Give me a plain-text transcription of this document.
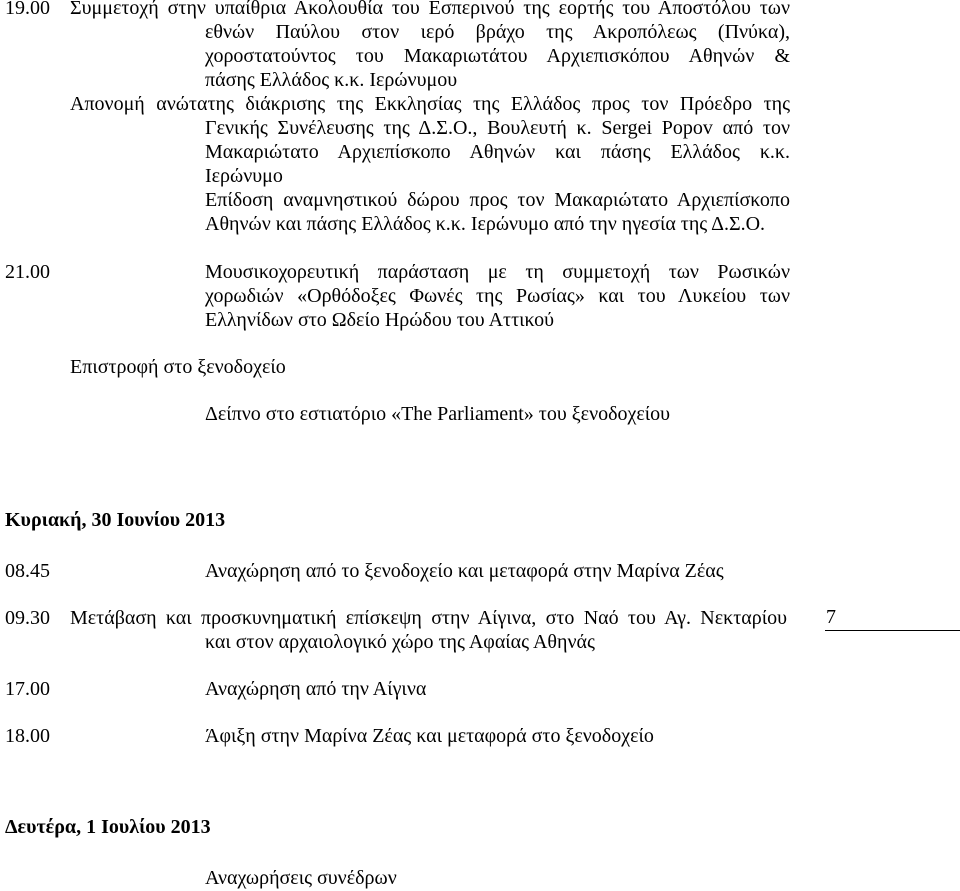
19.00 Συμμετοχή στην υπαίθρια Ακολουθία του Εσπερινού της εορτής του Αποστόλου των
εθνών Παύλου στον ιερό βράχο της Ακροπόλεως (Πνύκα),
χοροστατούντος του Μακαριωτάτου Αρχιεπισκόπου Αθηνών &
πάσης Ελλάδος κ.κ. Ιερώνυμου
Απονομή ανώτατης διάκρισης της Εκκλησίας της Ελλάδος προς τον Πρόεδρο της
Γενικής Συνέλευσης της Δ.Σ.Ο., Βουλευτή κ. Sergei Popov από τον
Μακαριώτατο Αρχιεπίσκοπο Αθηνών και πάσης Ελλάδος κ.κ.
Ιερώνυμο
Επίδοση αναμνηστικού δώρου προς τον Μακαριώτατο Αρχιεπίσκοπο
Αθηνών και πάσης Ελλάδος κ.κ. Ιερώνυμο από την ηγεσία της Δ.Σ.Ο.
21.00	Μουσικοχορευτική παράσταση με τη συμμετοχή των Ρωσικών
χορωδιών «Ορθόδοξες Φωνές της Ρωσίας» και του Λυκείου των
Ελληνίδων στο Ωδείο Ηρώδου του Αττικού
Επιστροφή στο ξενοδοχείο
Δείπνο στο εστιατόριο «The Parliament» του ξενοδοχείου
Κυριακή, 30 Ιουνίου 2013
08.45	Αναχώρηση από το ξενοδοχείο και μεταφορά στην Μαρίνα Ζέας
09.30 Μετάβαση και προσκυνηματική επίσκεψη στην Αίγινα, στο Ναό του Αγ. Νεκταρίου
και στον αρχαιολογικό χώρο της Αφαίας Αθηνάς
17.00	Αναχώρηση από την Αίγινα
18.00	Άφιξη στην Μαρίνα Ζέας και μεταφορά στο ξενοδοχείο
Δευτέρα, 1 Ιουλίου 2013
Αναχωρήσεις συνέδρων
7
